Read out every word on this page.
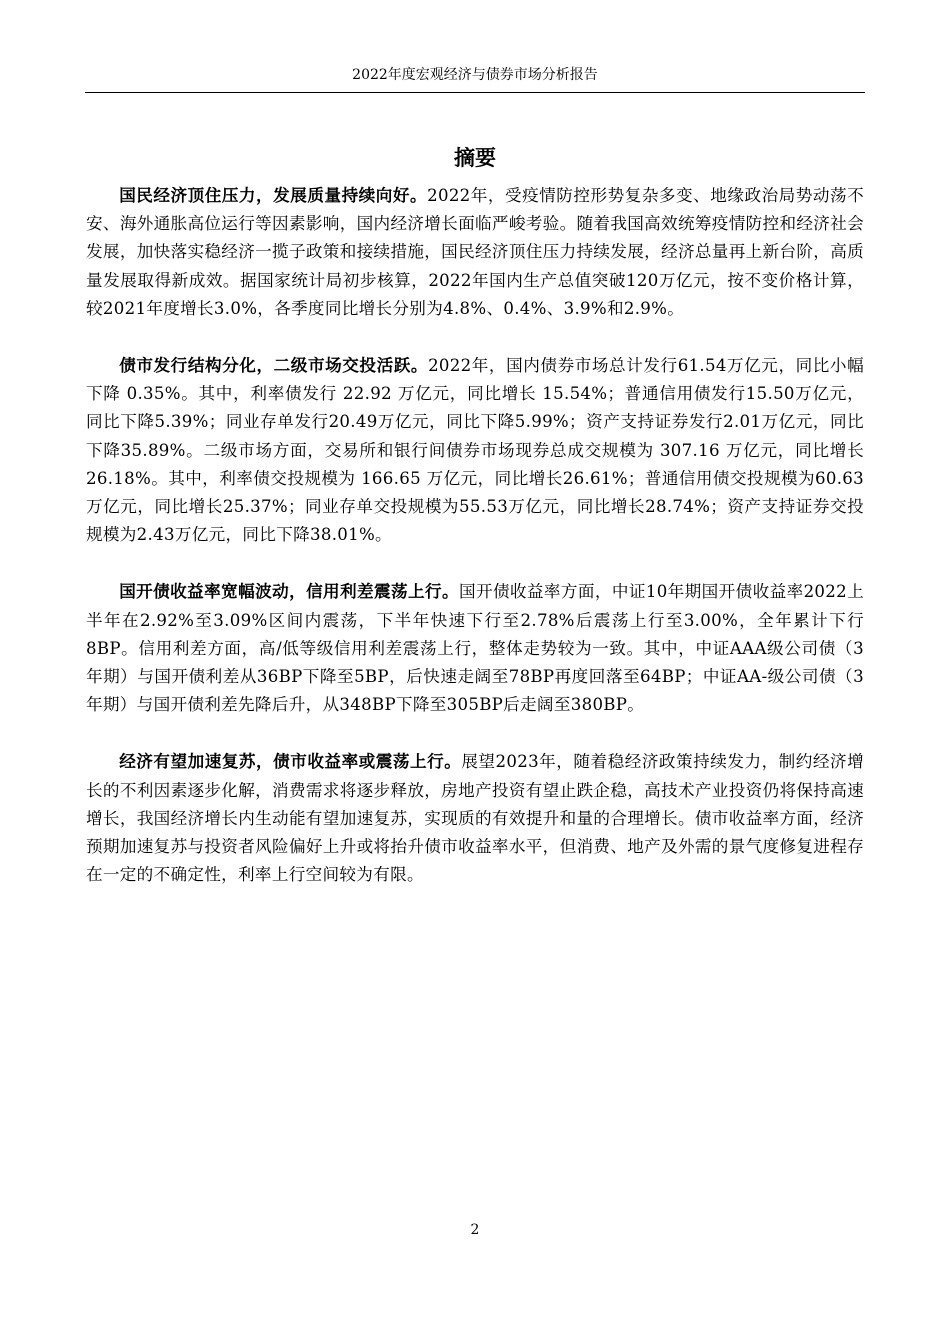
2022年度宏观经济与债券市场分析报告
摘要

国民经济顶住压力，发展质量持续向好。2022年，受疫情防控形势复杂多变、地缘政治局势动荡不安、海外通胀高位运行等因素影响，国内经济增长面临严峻考验。随着我国高效统筹疫情防控和经济社会发展，加快落实稳经济一揽子政策和接续措施，国民经济顶住压力持续发展，经济总量再上新台阶，高质量发展取得新成效。据国家统计局初步核算，2022年国内生产总值突破120万亿元，按不变价格计算，较2021年度增长3.0%，各季度同比增长分别为4.8%、0.4%、3.9%和2.9%。

债市发行结构分化，二级市场交投活跃。2022年，国内债券市场总计发行61.54万亿元，同比小幅下降 0.35%。其中，利率债发行 22.92 万亿元，同比增长 15.54%；普通信用债发行15.50万亿元，同比下降5.39%；同业存单发行20.49万亿元，同比下降5.99%；资产支持证券发行2.01万亿元，同比下降35.89%。二级市场方面，交易所和银行间债券市场现券总成交规模为 307.16 万亿元，同比增长 26.18%。其中，利率债交投规模为 166.65 万亿元，同比增长26.61%；普通信用债交投规模为60.63万亿元，同比增长25.37%；同业存单交投规模为55.53万亿元，同比增长28.74%；资产支持证券交投规模为2.43万亿元，同比下降38.01%。

国开债收益率宽幅波动，信用利差震荡上行。国开债收益率方面，中证10年期国开债收益率2022上半年在2.92%至3.09%区间内震荡，下半年快速下行至2.78%后震荡上行至3.00%，全年累计下行8BP。信用利差方面，高/低等级信用利差震荡上行，整体走势较为一致。其中，中证AAA级公司债（3年期）与国开债利差从36BP下降至5BP，后快速走阔至78BP再度回落至64BP；中证AA-级公司债（3年期）与国开债利差先降后升，从348BP下降至305BP后走阔至380BP。

经济有望加速复苏，债市收益率或震荡上行。展望2023年，随着稳经济政策持续发力，制约经济增长的不利因素逐步化解，消费需求将逐步释放，房地产投资有望止跌企稳，高技术产业投资仍将保持高速增长，我国经济增长内生动能有望加速复苏，实现质的有效提升和量的合理增长。债市收益率方面，经济预期加速复苏与投资者风险偏好上升或将抬升债市收益率水平，但消费、地产及外需的景气度修复进程存在一定的不确定性，利率上行空间较为有限。

2
